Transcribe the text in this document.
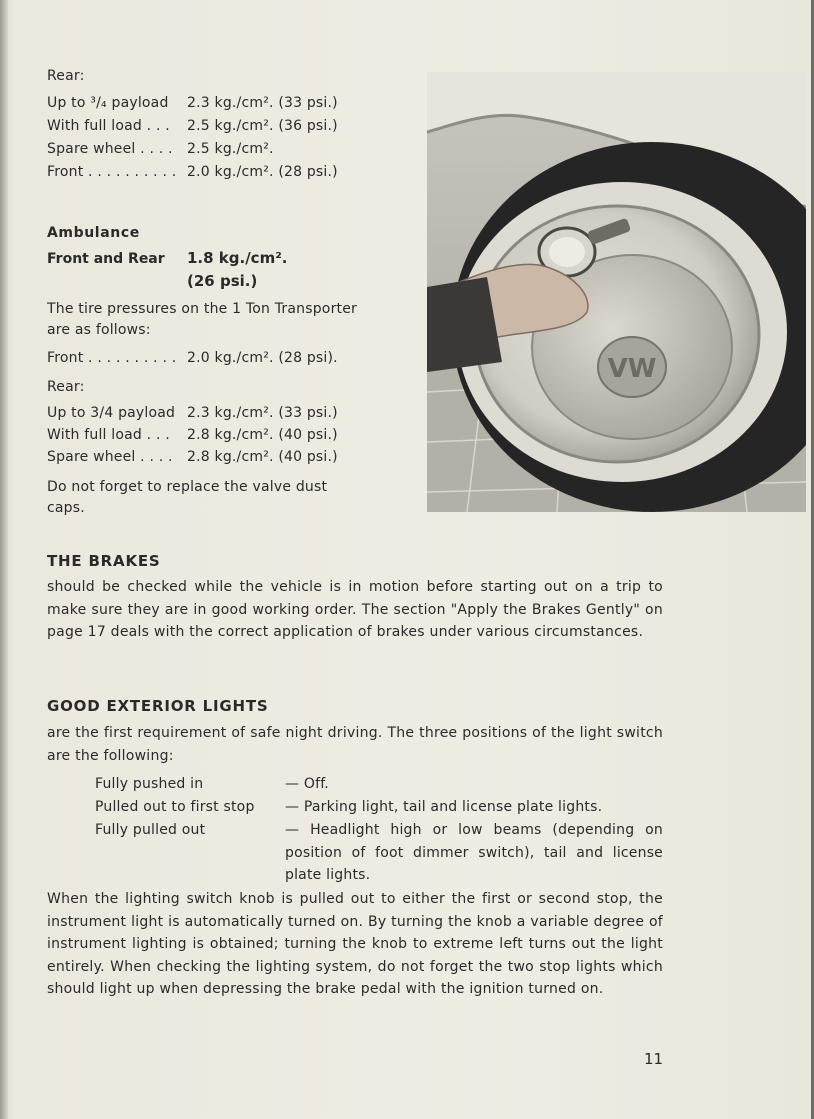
Rear:
Up to ³/₄ payload 2.3 kg./cm². (33 psi.)
With full load . . . 2.5 kg./cm². (36 psi.)
Spare wheel . . . . 2.5 kg./cm².
Front . . . . . . . . . . 2.0 kg./cm². (28 psi.)
Ambulance
Front and Rear 1.8 kg./cm².
(26 psi.)
The tire pressures on the 1 Ton Transporter are as follows:
Front . . . . . . . . . . 2.0 kg./cm². (28 psi).
Rear:
Up to 3/4 payload 2.3 kg./cm². (33 psi.)
With full load . . . 2.8 kg./cm². (40 psi.)
Spare wheel . . . . 2.8 kg./cm². (40 psi.)
Do not forget to replace the valve dust caps.
VW
THE BRAKES
should be checked while the vehicle is in motion before starting out on a trip to make sure they are in good working order. The section "Apply the Brakes Gently" on page 17 deals with the correct application of brakes under various circumstances.
GOOD EXTERIOR LIGHTS
are the first requirement of safe night driving. The three positions of the light switch are the following:
Fully pushed in	— Off.
Pulled out to first stop	— Parking light, tail and license plate lights.
Fully pulled out	— Headlight high or low beams (depending on position of foot dimmer switch), tail and license plate lights.
When the lighting switch knob is pulled out to either the first or second stop, the instrument light is automatically turned on. By turning the knob a variable degree of instrument lighting is obtained; turning the knob to extreme left turns out the light entirely. When checking the lighting system, do not forget the two stop lights which should light up when depressing the brake pedal with the ignition turned on.
11
